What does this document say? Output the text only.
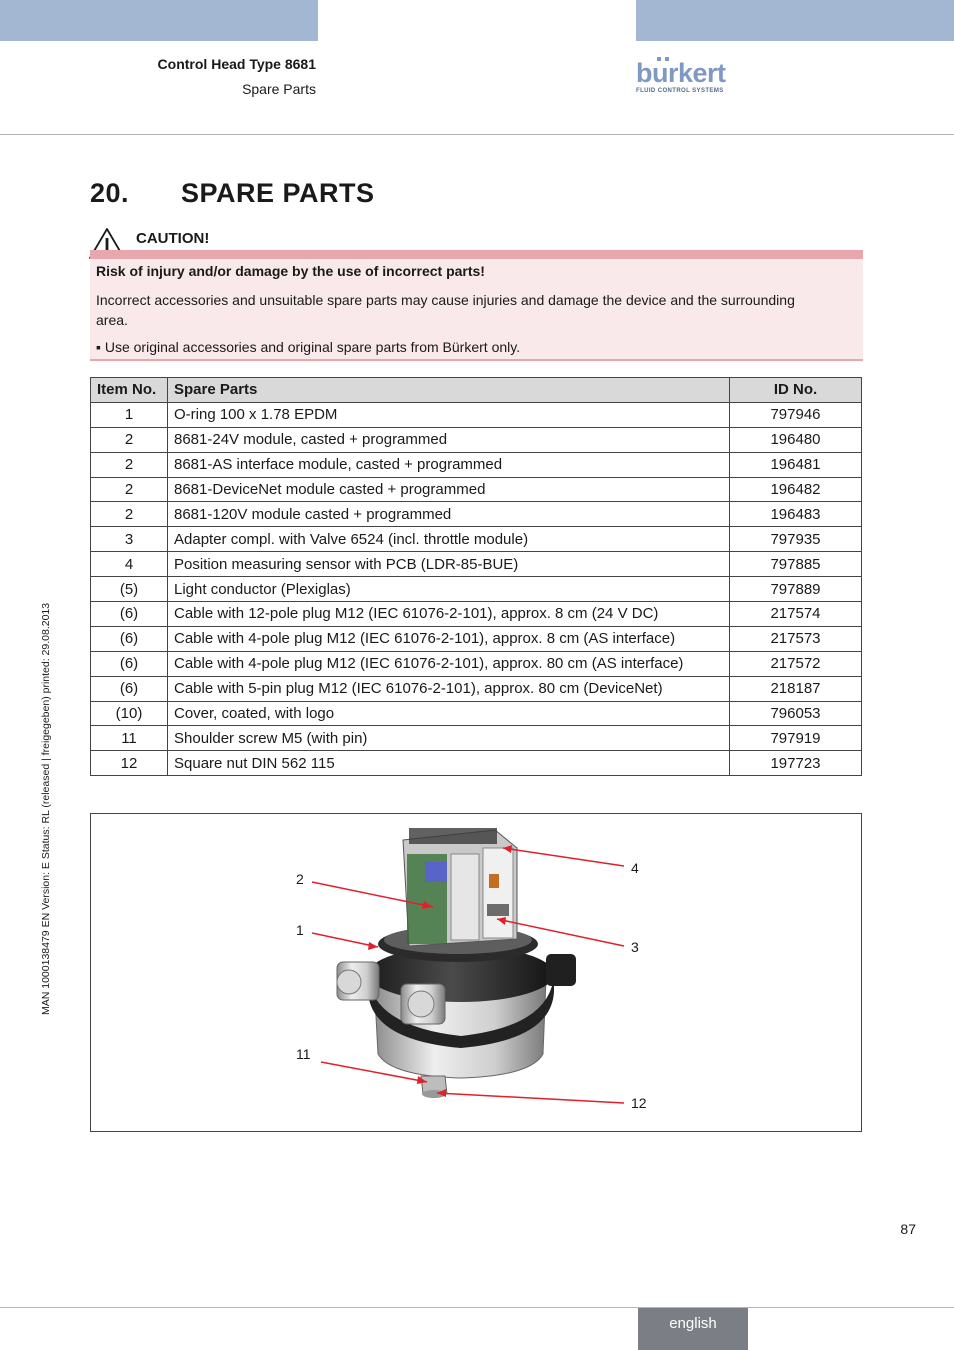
Control Head Type 8681
Spare Parts
burkert
FLUID CONTROL SYSTEMS
20. SPARE PARTS
CAUTION!
Risk of injury and/or damage by the use of incorrect parts!
Incorrect accessories and unsuitable spare parts may cause injuries and damage the device and the surrounding area.
▪ Use original accessories and original spare parts from Bürkert only.
Item No.	Spare Parts	ID No.
1	O-ring 100 x 1.78 EPDM	797946
2	8681-24V module, casted + programmed	196480
2	8681-AS interface module, casted + programmed	196481
2	8681-DeviceNet module casted + programmed	196482
2	8681-120V module casted + programmed	196483
3	Adapter compl. with Valve 6524 (incl. throttle module)	797935
4	Position measuring sensor with PCB (LDR-85-BUE)	797885
(5)	Light conductor (Plexiglas)	797889
(6)	Cable with 12-pole plug M12 (IEC 61076-2-101), approx. 8 cm (24 V DC)	217574
(6)	Cable with 4-pole plug M12 (IEC 61076-2-101), approx. 8 cm (AS interface)	217573
(6)	Cable with 4-pole plug M12 (IEC 61076-2-101), approx. 80 cm (AS interface)	217572
(6)	Cable with 5-pin plug M12 (IEC 61076-2-101), approx. 80 cm (DeviceNet)	218187
(10)	Cover, coated, with logo	796053
11	Shoulder screw M5 (with pin)	797919
12	Square nut DIN 562 115	197723
2
1
11
4
3
12
MAN 1000138479 EN Version: E Status: RL (released | freigegeben) printed: 29.08.2013
87
english
